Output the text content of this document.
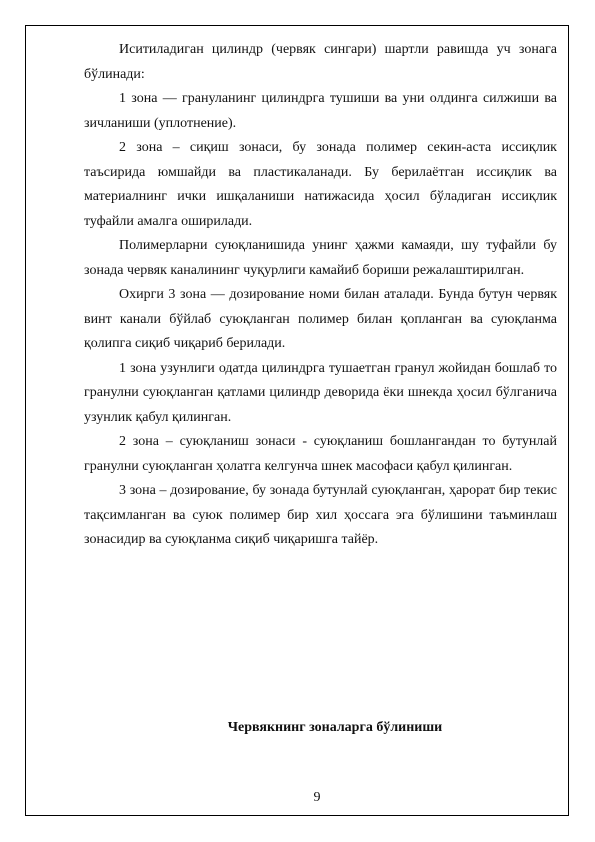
Иситиладиган цилиндр (червяк сингари) шартли равишда уч зонага бўлинади:

1 зона — грануланинг цилиндрга тушиши ва уни олдинга силжиши ва зичланиши (уплотнение).

2 зона – сиқиш зонаси, бу зонада полимер секин-аста иссиқлик таъсирида юмшайди ва пластикаланади. Бу берилаётган иссиқлик ва материалнинг ички ишқаланиши натижасида ҳосил бўладиган иссиқлик туфайли амалга оширилади.

Полимерларни суюқланишида унинг ҳажми камаяди, шу туфайли бу зонада червяк каналининг чуқурлиги камайиб бориши режалаштирилган.

Охирги 3 зона — дозирование номи билан аталади. Бунда бутун червяк винт канали бўйлаб суюқланган полимер билан қопланган ва суюқланма қолипга сиқиб чиқариб берилади.

1 зона узунлиги одатда цилиндрга тушаетган гранул жойидан бошлаб то гранулни суюқланган қатлами цилиндр деворида ёки шнекда ҳосил бўлганича узунлик қабул қилинган.

2 зона – суюқланиш зонаси - суюқланиш бошлангандан то бутунлай гранулни суюқланган ҳолатга келгунча шнек масофаси қабул қилинган.

3 зона – дозирование, бу зонада бутунлай суюқланган, ҳарорат бир текис тақсимланган ва суюк полимер бир хил ҳоссага эга бўлишини таъминлаш зонасидир ва суюқланма сиқиб чиқаришга тайёр.

Червякнинг зоналарга бўлиниши

9
